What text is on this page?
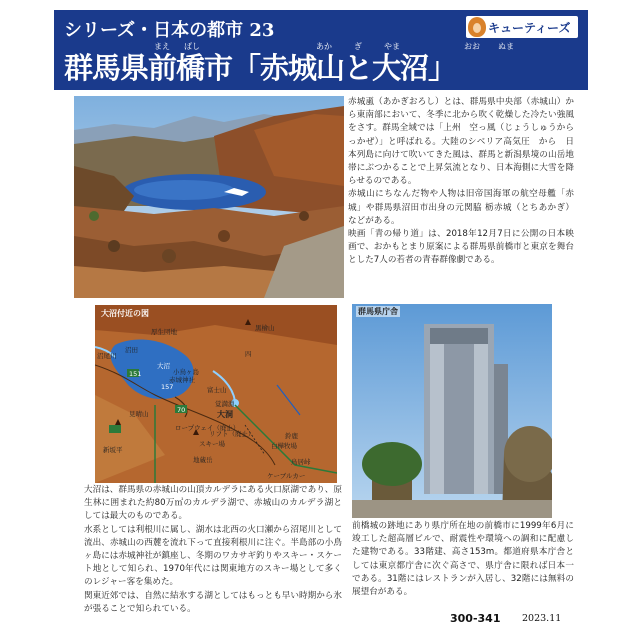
シリーズ・日本の都市 23	キューティーズ
まえ ばし	あか	ぎ	やま	おお ぬま
群馬県前橋市「赤城山と大沼」

赤城颪（あかぎおろし）とは、群馬県中央部（赤城山）から東南部において、冬季に北から吹く乾燥した冷たい強風をさす。群馬全域では「上州　空っ風（じょうしゅうからっかぜ）」と呼ばれる。大陸のシベリア高気圧　から　日本列島に向けて吹いてきた風は、群馬と新潟県境の山岳地帯にぶつかることで上昇気流となり、日本海側に大雪を降らせるのである。

赤城山にちなんだ物や人物は旧帝国海軍の航空母艦「赤城」や群馬県沼田市出身の元関脇 栃赤城（とちあかぎ）などがある。

映画「青の帰り道」は、2018年12月7日に公開の日本映画で、おかもとまり原案による群馬県前橋市と東京を舞台とした7人の若者の青春群像劇である。

大沼付近の図
厚生団地	黒檜山
沼尾川
沼田
大沼
赤城神社
小鳥ヶ島
四
富士山
151
覚満淵
大洞
70
見晴山
新坂平
ロープウェイ（廃止）
スキー場
リフト（廃止）
ケーブルカー
鳥居峠
鈴鹿
地蔵岳
157
白樺牧場
群馬県庁舎

大沼は、群馬県の赤城山の山頂カルデラにある火口原湖であり、原生林に囲まれた約80万㎡のカルデラ湖で、赤城山のカルデラ湖としては最大のものである。

水系としては利根川に属し、湖水は北西の火口瀬から沼尾川として流出、赤城山の西麓を流れ下って直接利根川に注ぐ。半島部の小鳥ヶ島には赤城神社が鎮座し、冬期のワカサギ釣りやスキー・スケート地として知られ、1970年代には関東地方のスキー場として多くのレジャー客を集めた。

関東近郊では、自然に結氷する湖としてはもっとも早い時期から氷が張ることで知られている。

前橋城の跡地にあり県庁所在地の前橋市に1999年6月に竣工した超高層ビルで、耐震性や環境への調和に配慮した建物である。33階建、高さ153m。都道府県本庁舎としては東京都庁舎に次ぐ高さで、県庁舎に限れば日本一である。31階にはレストランが入居し、32階には無料の展望台がある。

300-341 2023.11
